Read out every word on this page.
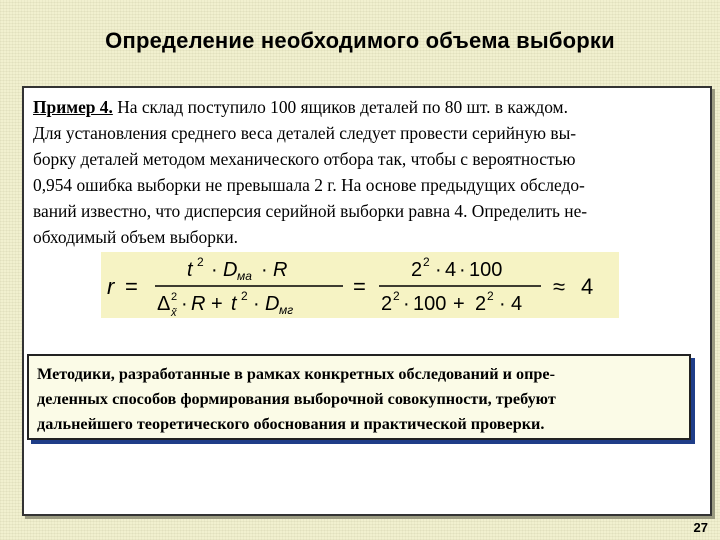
Определение необходимого объема выборки
Пример 4. На склад поступило 100 ящиков деталей по 80 шт. в каждом.
Для установления среднего веса деталей следует провести серийную вы-
борку деталей методом механического отбора так, чтобы с вероятностью
0,954 ошибка выборки не превышала 2 г. На основе предыдущих обследо-
ваний известно, что дисперсия серийной выборки равна 4. Определить не-
обходимый объем выборки.
r =
t 2 · D ма · R
Δ 2
x̃ · R + t 2 · D мг
=
2 2 · 4 · 100
2 2 · 100 + 2 2 · 4
≈ 4
Методики, разработанные в рамках конкретных обследований и опре-
деленных способов формирования выборочной совокупности, требуют
дальнейшего теоретического обоснования и практической проверки.
27
